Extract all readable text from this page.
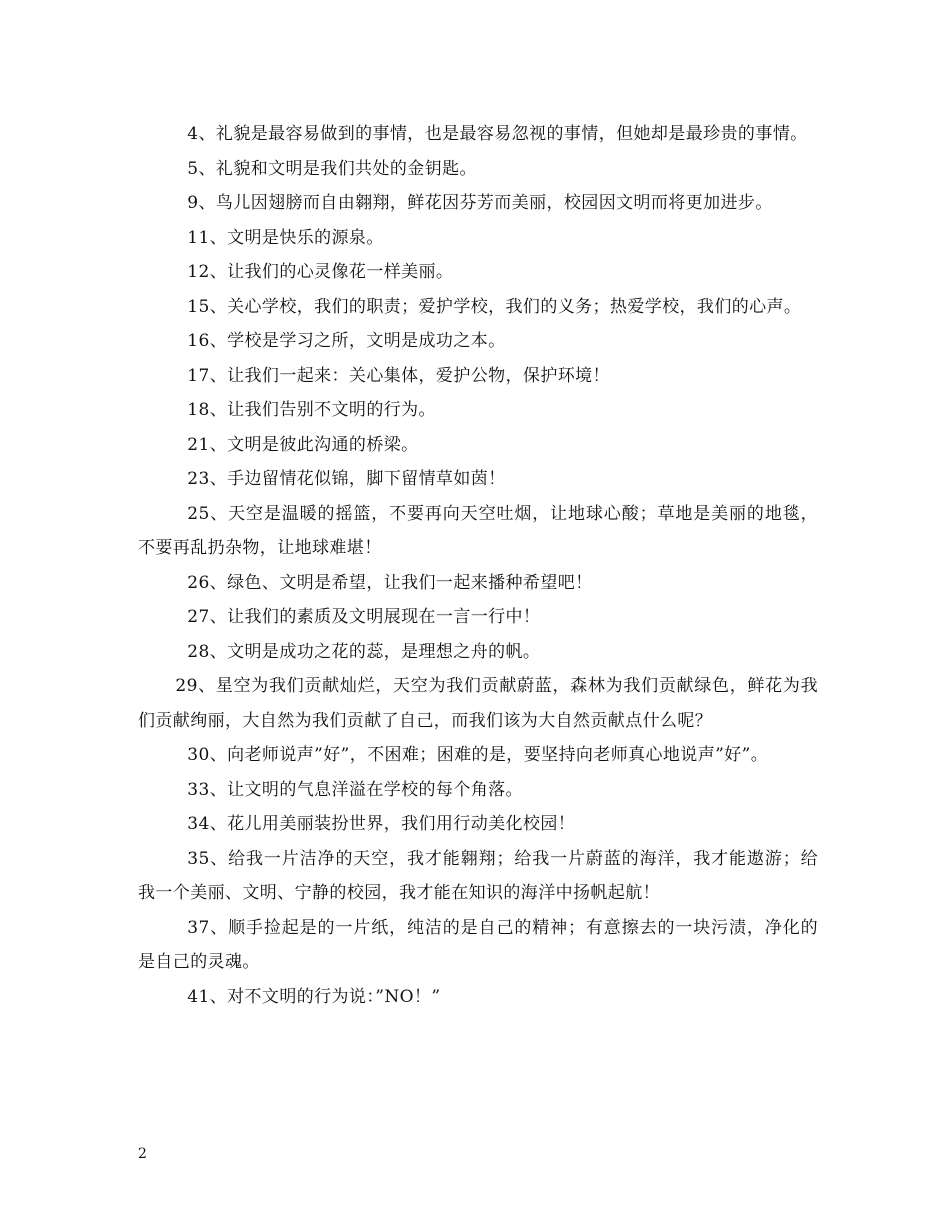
4、礼貌是最容易做到的事情，也是最容易忽视的事情，但她却是最珍贵的事情。

5、礼貌和文明是我们共处的金钥匙。

9、鸟儿因翅膀而自由翱翔，鲜花因芬芳而美丽，校园因文明而将更加进步。

11、文明是快乐的源泉。

12、让我们的心灵像花一样美丽。

15、关心学校，我们的职责；爱护学校，我们的义务；热爱学校，我们的心声。

16、学校是学习之所，文明是成功之本。

17、让我们一起来：关心集体，爱护公物，保护环境！

18、让我们告别不文明的行为。

21、文明是彼此沟通的桥梁。

23、手边留情花似锦，脚下留情草如茵！

25、天空是温暖的摇篮，不要再向天空吐烟，让地球心酸；草地是美丽的地毯，不要再乱扔杂物，让地球难堪！

26、绿色、文明是希望，让我们一起来播种希望吧！

27、让我们的素质及文明展现在一言一行中！

28、文明是成功之花的蕊，是理想之舟的帆。

29、星空为我们贡献灿烂，天空为我们贡献蔚蓝，森林为我们贡献绿色，鲜花为我们贡献绚丽，大自然为我们贡献了自己，而我们该为大自然贡献点什么呢？

30、向老师说声”好”，不困难；困难的是，要坚持向老师真心地说声”好”。

33、让文明的气息洋溢在学校的每个角落。

34、花儿用美丽装扮世界，我们用行动美化校园！

35、给我一片洁净的天空，我才能翱翔；给我一片蔚蓝的海洋，我才能遨游；给我一个美丽、文明、宁静的校园，我才能在知识的海洋中扬帆起航！

37、顺手捡起是的一片纸，纯洁的是自己的精神；有意擦去的一块污渍，净化的是自己的灵魂。

41、对不文明的行为说：”NO！”

2
